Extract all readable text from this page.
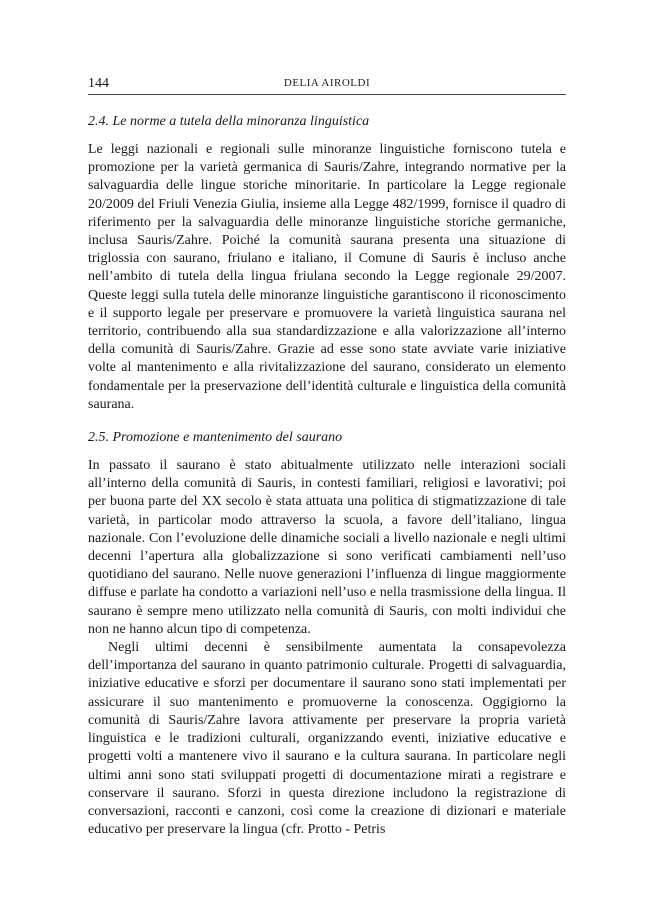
144	DELIA AIROLDI
2.4. Le norme a tutela della minoranza linguistica

Le leggi nazionali e regionali sulle minoranze linguistiche forniscono tutela e promozione per la varietà germanica di Sauris/Zahre, integrando normative per la salvaguardia delle lingue storiche minoritarie. In particolare la Legge regionale 20/2009 del Friuli Venezia Giulia, insieme alla Legge 482/1999, fornisce il quadro di riferimento per la salvaguardia delle minoranze linguistiche storiche germaniche, inclusa Sauris/Zahre. Poiché la comunità saurana presenta una situazione di triglossia con saurano, friulano e italiano, il Comune di Sauris è incluso anche nell’ambito di tutela della lingua friulana secondo la Legge regionale 29/2007. Queste leggi sulla tutela delle minoranze linguistiche garantiscono il riconoscimento e il supporto legale per preservare e promuovere la varietà linguistica saurana nel territorio, contribuendo alla sua standardizzazione e alla valorizzazione all’interno della comunità di Sauris/Zahre. Grazie ad esse sono state avviate varie iniziative volte al mantenimento e alla rivitalizzazione del saurano, considerato un elemento fondamentale per la preservazione dell’identità culturale e linguistica della comunità saurana.

2.5. Promozione e mantenimento del saurano

In passato il saurano è stato abitualmente utilizzato nelle interazioni sociali all’interno della comunità di Sauris, in contesti familiari, religiosi e lavorativi; poi per buona parte del XX secolo è stata attuata una politica di stigmatizzazione di tale varietà, in particolar modo attraverso la scuola, a favore dell’italiano, lingua nazionale. Con l’evoluzione delle dinamiche sociali a livello nazionale e negli ultimi decenni l’apertura alla globalizzazione si sono verificati cambiamenti nell’uso quotidiano del saurano. Nelle nuove generazioni l’influenza di lingue maggiormente diffuse e parlate ha condotto a variazioni nell’uso e nella trasmissione della lingua. Il saurano è sempre meno utilizzato nella comunità di Sauris, con molti individui che non ne hanno alcun tipo di competenza.

Negli ultimi decenni è sensibilmente aumentata la consapevolezza dell’importanza del saurano in quanto patrimonio culturale. Progetti di salvaguardia, iniziative educative e sforzi per documentare il saurano sono stati implementati per assicurare il suo mantenimento e promuoverne la conoscenza. Oggigiorno la comunità di Sauris/Zahre lavora attivamente per preservare la propria varietà linguistica e le tradizioni culturali, organizzando eventi, iniziative educative e progetti volti a mantenere vivo il saurano e la cultura saurana. In particolare negli ultimi anni sono stati sviluppati progetti di documentazione mirati a registrare e conservare il saurano. Sforzi in questa direzione includono la registrazione di conversazioni, racconti e canzoni, così come la creazione di dizionari e materiale educativo per preservare la lingua (cfr. Protto - Petris
